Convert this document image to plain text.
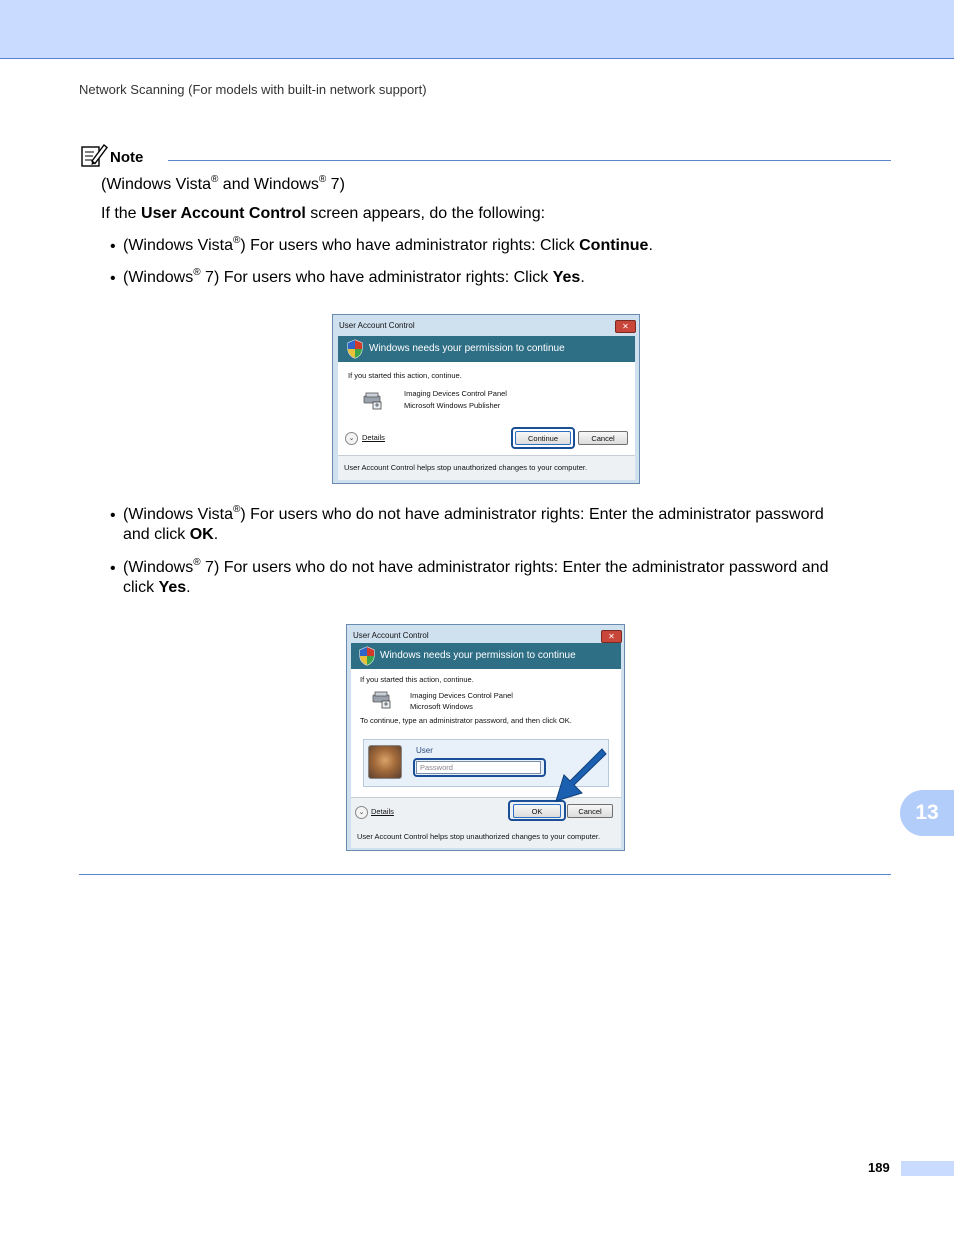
Network Scanning (For models with built-in network support)
Note
(Windows Vista® and Windows® 7)
If the User Account Control screen appears, do the following:
• (Windows Vista®) For users who have administrator rights: Click Continue.
• (Windows® 7) For users who have administrator rights: Click Yes.
User Account Control	✕
Windows needs your permission to continue
If you started this action, continue.
Imaging Devices Control Panel
Microsoft Windows Publisher
⌄	Details	Continue	Cancel
User Account Control helps stop unauthorized changes to your computer.
• (Windows Vista®) For users who do not have administrator rights: Enter the administrator password
and click OK.
• (Windows® 7) For users who do not have administrator rights: Enter the administrator password and
click Yes.
User Account Control	✕
Windows needs your permission to continue
If you started this action, continue.
Imaging Devices Control Panel
Microsoft Windows
To continue, type an administrator password, and then click OK.
User
Password
⌄ Details	OK	Cancel
User Account Control helps stop unauthorized changes to your computer.
13
189
